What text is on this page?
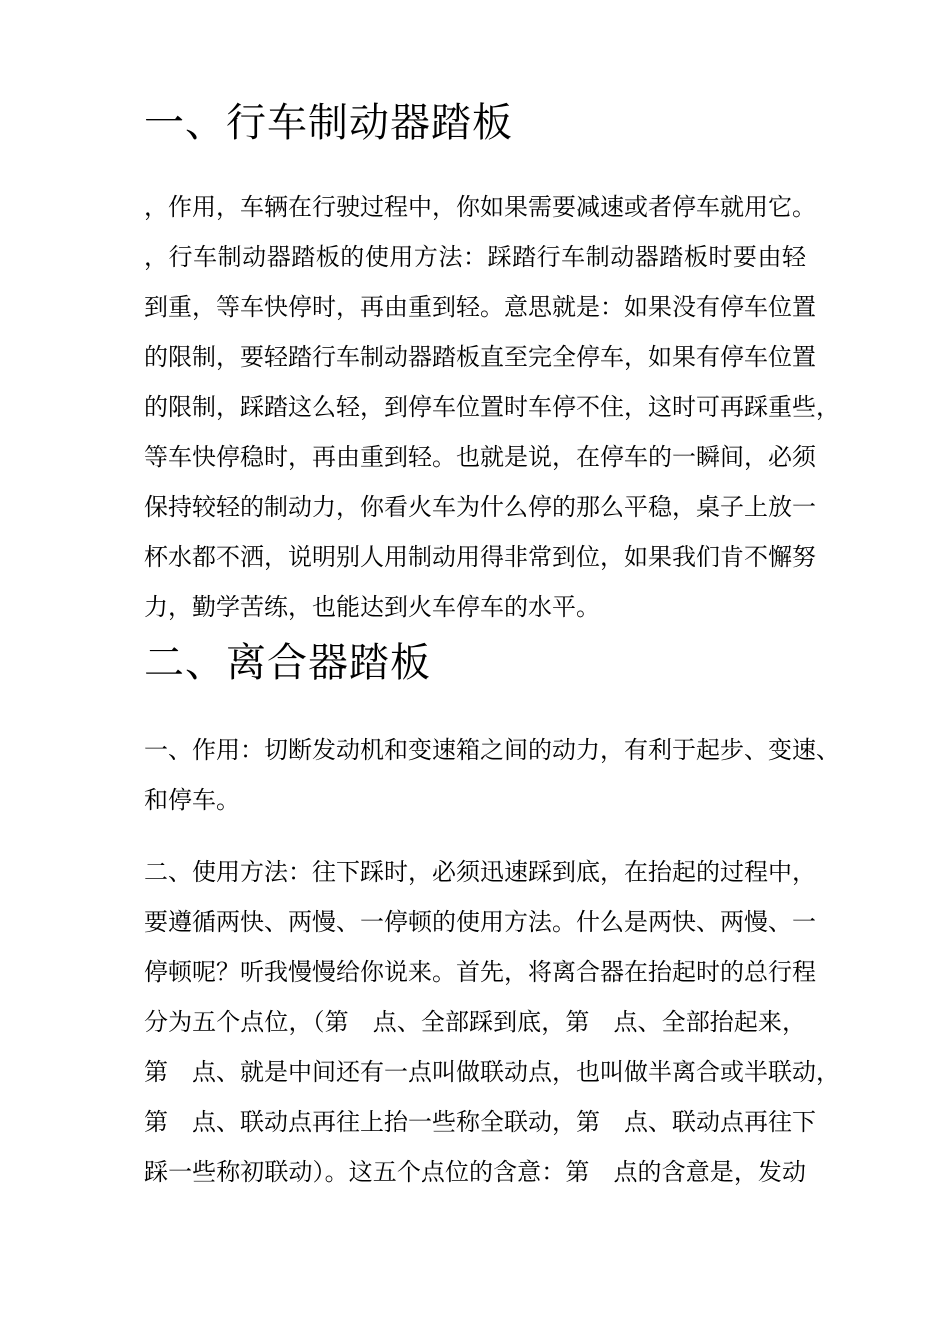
一、行车制动器踏板
，作用，车辆在行驶过程中，你如果需要减速或者停车就用它。
，行车制动器踏板的使用方法：踩踏行车制动器踏板时要由轻
到重，等车快停时，再由重到轻。意思就是：如果没有停车位置
的限制，要轻踏行车制动器踏板直至完全停车，如果有停车位置
的限制，踩踏这么轻，到停车位置时车停不住，这时可再踩重些，
等车快停稳时，再由重到轻。也就是说，在停车的一瞬间，必须
保持较轻的制动力，你看火车为什么停的那么平稳，桌子上放一
杯水都不洒，说明别人用制动用得非常到位，如果我们肯不懈努
力，勤学苦练，也能达到火车停车的水平。
二、离合器踏板
一、作用：切断发动机和变速箱之间的动力，有利于起步、变速、
和停车。
二、使用方法：往下踩时，必须迅速踩到底，在抬起的过程中，
要遵循两快、两慢、一停顿的使用方法。什么是两快、两慢、一
停顿呢？听我慢慢给你说来。首先，将离合器在抬起时的总行程
分为五个点位，（第　点、全部踩到底，第　点、全部抬起来，
第　点、就是中间还有一点叫做联动点，也叫做半离合或半联动，
第　点、联动点再往上抬一些称全联动，第　点、联动点再往下
踩一些称初联动）。这五个点位的含意：第　点的含意是，发动
